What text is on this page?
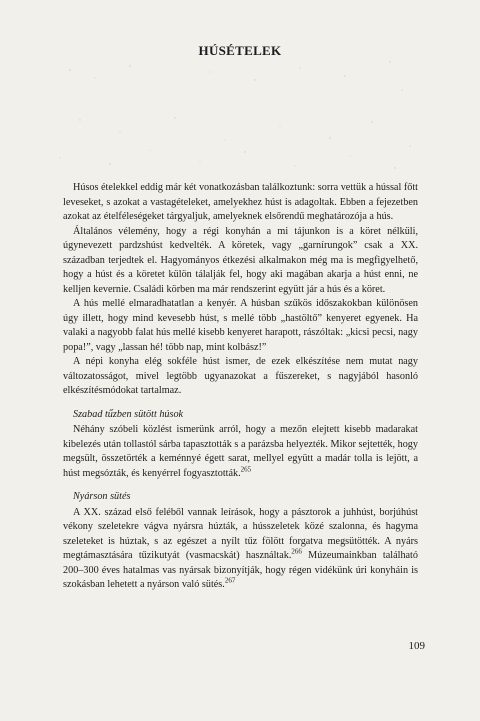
HÚSÉTELEK

Húsos ételekkel eddig már két vonatkozásban találkoztunk: sorra vettük a hússal főtt leveseket, s azokat a vastagételeket, amelyekhez húst is adagoltak. Ebben a fejezetben azokat az ételféleségeket tárgyaljuk, amelyeknek elsőrendű meghatározója a hús.

Általános vélemény, hogy a régi konyhán a mi tájunkon is a köret nélküli, úgynevezett pardzshúst kedvelték. A köretek, vagy „garnírungok” csak a XX. században terjedtek el. Hagyományos étkezési alkalmakon még ma is megfigyelhető, hogy a húst és a köretet külön tálalják fel, hogy aki magában akarja a húst enni, ne kelljen kevernie. Családi körben ma már rendszerint együtt jár a hús és a köret.

A hús mellé elmaradhatatlan a kenyér. A húsban szűkös időszakokban különösen úgy illett, hogy mind kevesebb húst, s mellé több „hastöltő” kenyeret egyenek. Ha valaki a nagyobb falat hús mellé kisebb kenyeret harapott, rászóltak: „kicsi pecsi, nagy popa!”, vagy „lassan hé! több nap, mint kolbász!”

A népi konyha elég sokféle húst ismer, de ezek elkészítése nem mutat nagy változatosságot, mivel legtöbb ugyanazokat a fűszereket, s nagyjából hasonló elkészítésmódokat tartalmaz.

Szabad tűzben sütött húsok

Néhány szóbeli közlést ismerünk arról, hogy a mezőn elejtett kisebb madarakat kibelezés után tollastól sárba tapasztották s a parázsba helyezték. Mikor sejtették, hogy megsült, összetörték a keménnyé égett sarat, mellyel együtt a madár tolla is lejött, a húst megsózták, és kenyérrel fogyasztották.$^{265}$

Nyárson sütés

A XX. század első feléből vannak leírások, hogy a pásztorok a juhhúst, borjúhúst vékony szeletekre vágva nyársra húzták, a hússzeletek közé szalonna, és hagyma szeleteket is húztak, s az egészet a nyílt tűz fölött forgatva megsütötték. A nyárs megtámasztására tűzikutyát (vasmacskát) használtak.$^{266}$ Múzeumainkban található 200–300 éves hatalmas vas nyársak bizonyítják, hogy régen vidékünk úri konyháin is szokásban lehetett a nyárson való sütés.$^{267}$

109
